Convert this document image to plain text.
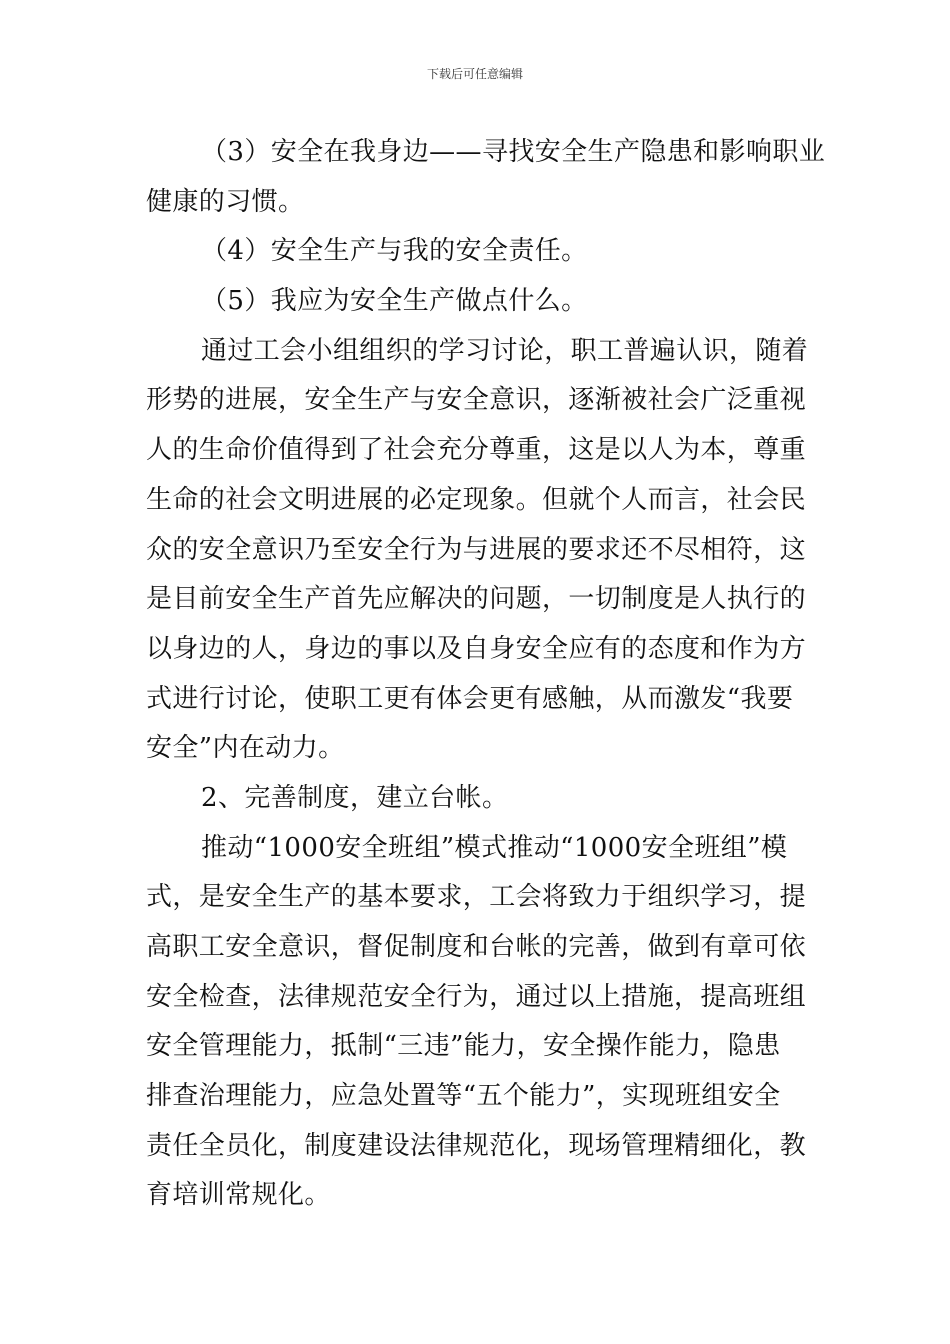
下载后可任意编辑
（3）安全在我身边——寻找安全生产隐患和影响职业
健康的习惯。
（4）安全生产与我的安全责任。
（5）我应为安全生产做点什么。
通过工会小组组织的学习讨论，职工普遍认识，随着
形势的进展，安全生产与安全意识，逐渐被社会广泛重视
人的生命价值得到了社会充分尊重，这是以人为本，尊重
生命的社会文明进展的必定现象。但就个人而言，社会民
众的安全意识乃至安全行为与进展的要求还不尽相符，这
是目前安全生产首先应解决的问题，一切制度是人执行的
以身边的人，身边的事以及自身安全应有的态度和作为方
式进行讨论，使职工更有体会更有感触，从而激发“我要
安全”内在动力。
2、完善制度，建立台帐。
推动“1000安全班组”模式推动“1000安全班组”模
式，是安全生产的基本要求，工会将致力于组织学习，提
高职工安全意识，督促制度和台帐的完善，做到有章可依
安全检查，法律规范安全行为，通过以上措施，提高班组
安全管理能力，抵制“三违”能力，安全操作能力，隐患
排查治理能力，应急处置等“五个能力”，实现班组安全
责任全员化，制度建设法律规范化，现场管理精细化，教
育培训常规化。
